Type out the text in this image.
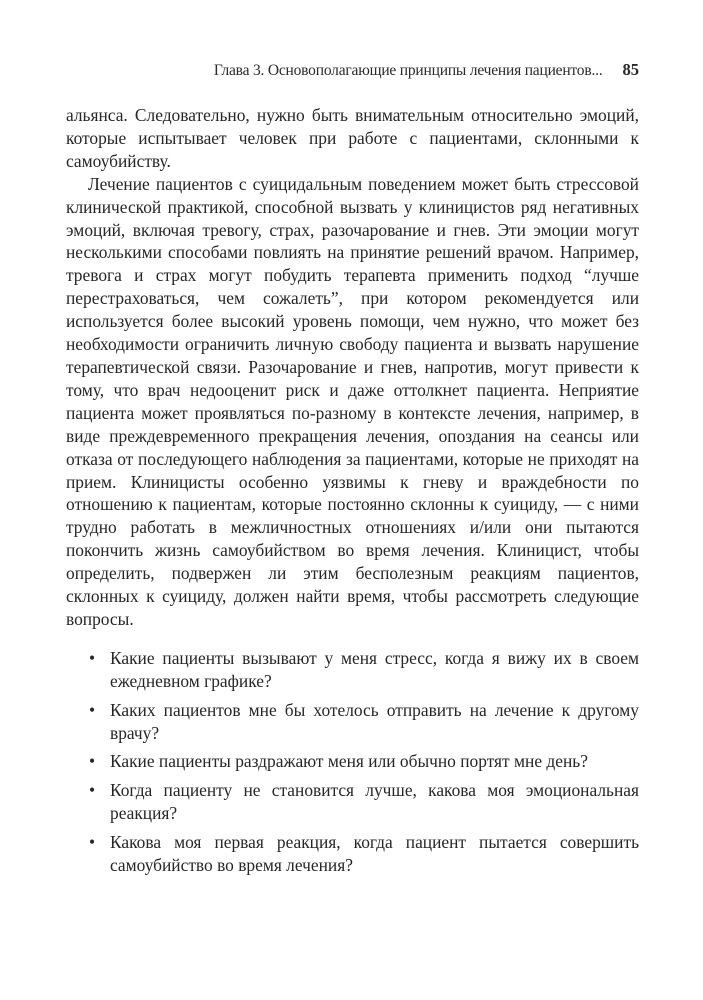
Глава 3. Основополагающие принципы лечения пациентов... 85

альянса. Следовательно, нужно быть внимательным относительно эмоций, которые испытывает человек при работе с пациентами, склонными к самоубийству.

Лечение пациентов с суицидальным поведением может быть стрессовой клинической практикой, способной вызвать у клиницистов ряд негативных эмоций, включая тревогу, страх, разочарование и гнев. Эти эмоции могут несколькими способами повлиять на принятие решений врачом. Например, тревога и страх могут побудить терапевта применить подход “лучше перестраховаться, чем сожалеть”, при котором рекомендуется или используется более высокий уровень помощи, чем нужно, что может без необходимости ограничить личную свободу пациента и вызвать нарушение терапевтической связи. Разочарование и гнев, напротив, могут привести к тому, что врач недооценит риск и даже оттолкнет пациента. Неприятие пациента может проявляться по-разному в контексте лечения, например, в виде преждевременного прекращения лечения, опоздания на сеансы или отказа от последующего наблюдения за пациентами, которые не приходят на прием. Клиницисты особенно уязвимы к гневу и враждебности по отношению к пациентам, которые постоянно склонны к суициду, — с ними трудно работать в межличностных отношениях и/или они пытаются покончить жизнь самоубийством во время лечения. Клиницист, чтобы определить, подвержен ли этим бесполезным реакциям пациентов, склонных к суициду, должен найти время, чтобы рассмотреть следующие вопросы.

• Какие пациенты вызывают у меня стресс, когда я вижу их в своем ежедневном графике?
• Каких пациентов мне бы хотелось отправить на лечение к другому врачу?
• Какие пациенты раздражают меня или обычно портят мне день?
• Когда пациенту не становится лучше, какова моя эмоциональная реакция?
• Какова моя первая реакция, когда пациент пытается совершить самоубийство во время лечения?
